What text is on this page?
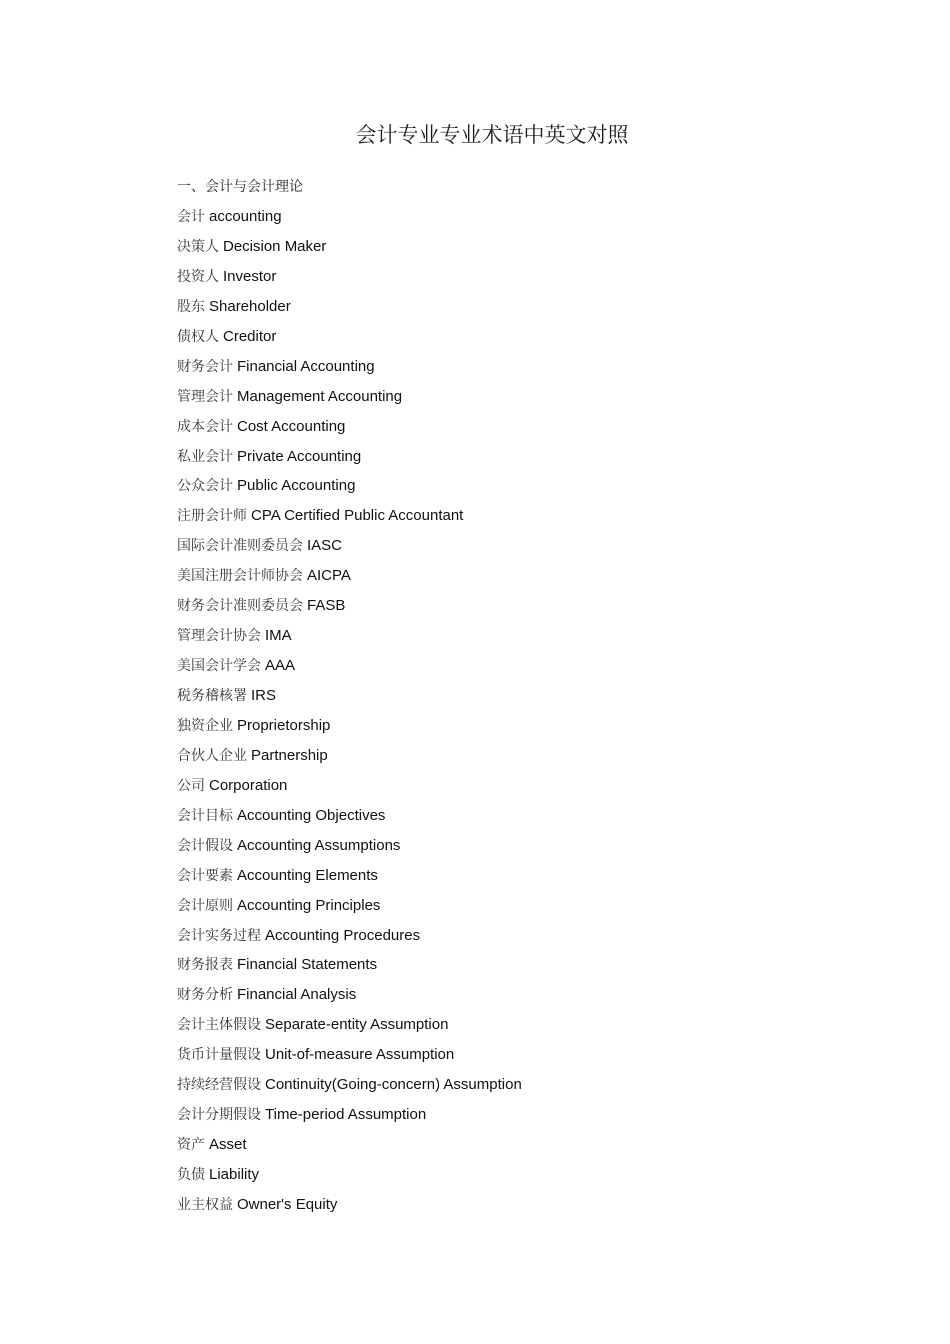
会计专业专业术语中英文对照
一、会计与会计理论
会计 accounting
决策人 Decision Maker
投资人 Investor
股东 Shareholder
债权人 Creditor
财务会计 Financial Accounting
管理会计 Management Accounting
成本会计 Cost Accounting
私业会计 Private Accounting
公众会计 Public Accounting
注册会计师 CPA Certified Public Accountant
国际会计准则委员会 IASC
美国注册会计师协会 AICPA
财务会计准则委员会 FASB
管理会计协会 IMA
美国会计学会 AAA
税务稽核署 IRS
独资企业 Proprietorship
合伙人企业 Partnership
公司 Corporation
会计目标 Accounting Objectives
会计假设 Accounting Assumptions
会计要素 Accounting Elements
会计原则 Accounting Principles
会计实务过程 Accounting Procedures
财务报表 Financial Statements
财务分析 Financial Analysis
会计主体假设 Separate-entity Assumption
货币计量假设 Unit-of-measure Assumption
持续经营假设 Continuity(Going-concern) Assumption
会计分期假设 Time-period Assumption
资产 Asset
负债 Liability
业主权益 Owner's Equity
